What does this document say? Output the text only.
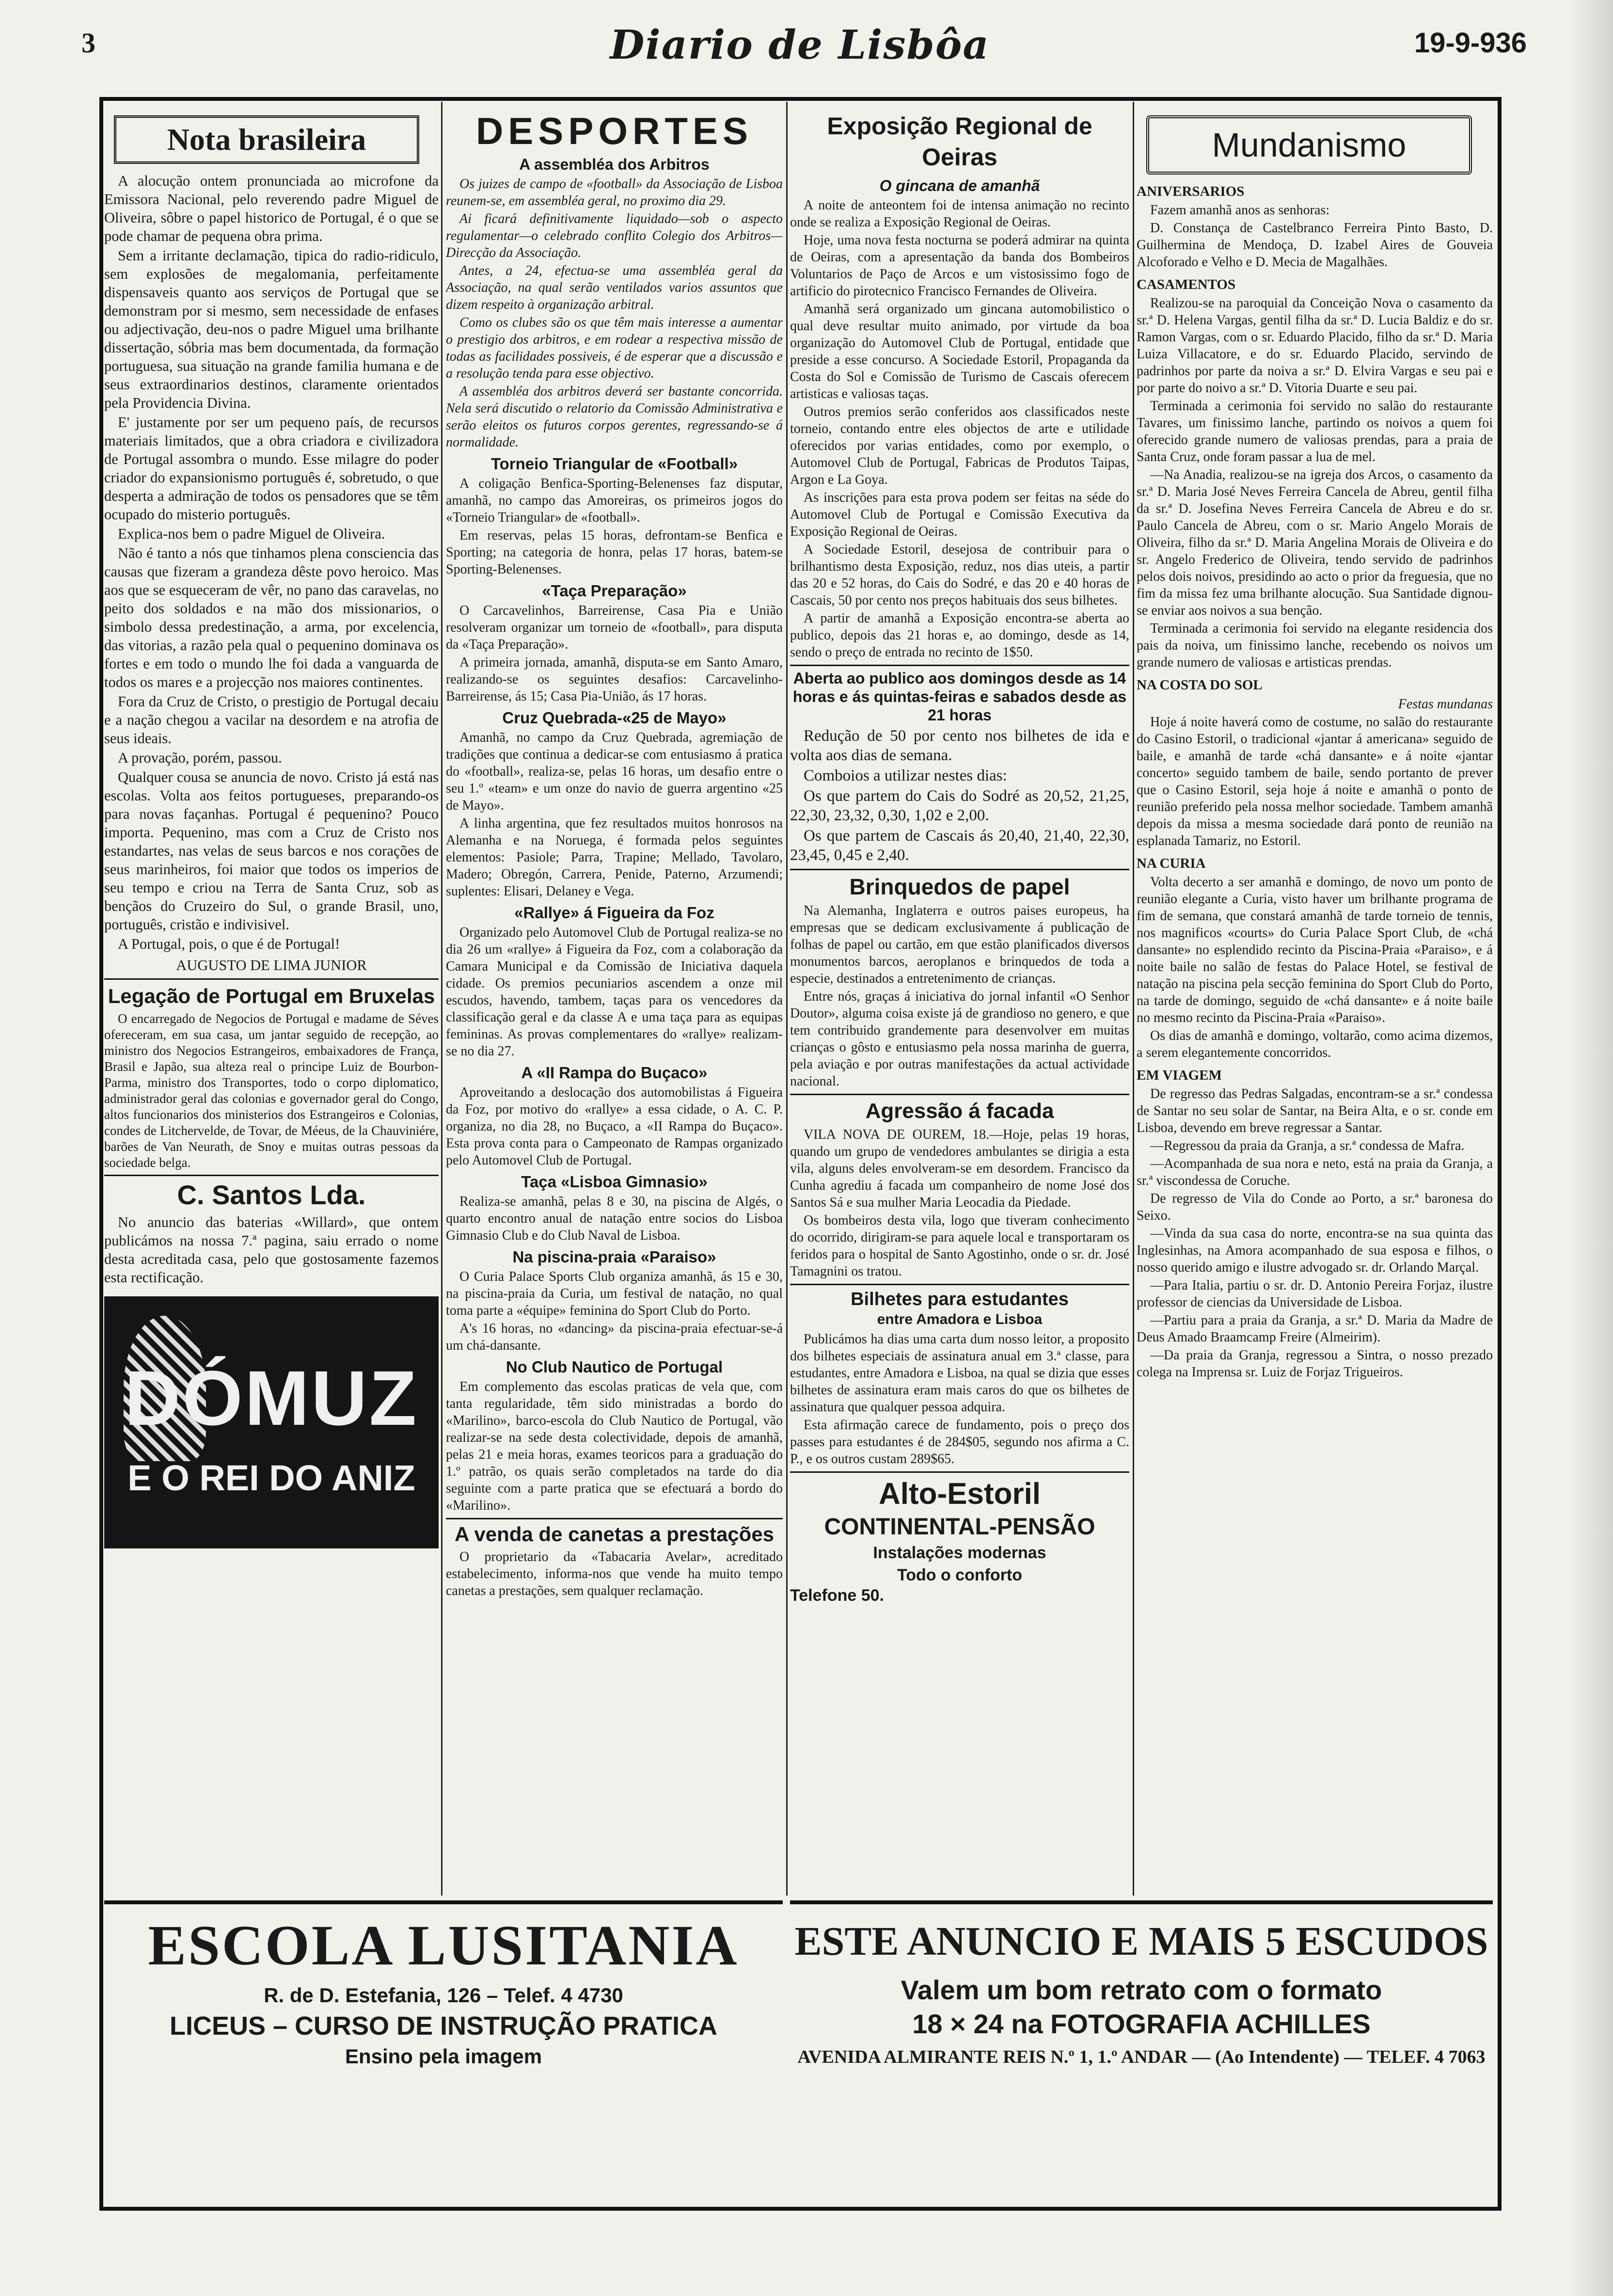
3	Diario de Lisbôa	19-9-936
Nota brasileira

A alocução ontem pronunciada ao microfone da Emissora Nacional, pelo reverendo padre Miguel de Oliveira, sôbre o papel historico de Portugal, é o que se pode chamar de pequena obra prima.

Sem a irritante declamação, tipica do radio-ridiculo, sem explosões de megalomania, perfeitamente dispensaveis quanto aos serviços de Portugal que se demonstram por si mesmo, sem necessidade de enfases ou adjectivação, deu-nos o padre Miguel uma brilhante dissertação, sóbria mas bem documentada, da formação portuguesa, sua situação na grande familia humana e de seus extraordinarios destinos, claramente orientados pela Providencia Divina.

E' justamente por ser um pequeno país, de recursos materiais limitados, que a obra criadora e civilizadora de Portugal assombra o mundo. Esse milagre do poder criador do expansionismo português é, sobretudo, o que desperta a admiração de todos os pensadores que se têm ocupado do misterio português.

Explica-nos bem o padre Miguel de Oliveira.

Não é tanto a nós que tinhamos plena consciencia das causas que fizeram a grandeza dêste povo heroico. Mas aos que se esqueceram de vêr, no pano das caravelas, no peito dos soldados e na mão dos missionarios, o simbolo dessa predestinação, a arma, por excelencia, das vitorias, a razão pela qual o pequenino dominava os fortes e em todo o mundo lhe foi dada a vanguarda de todos os mares e a projecção nos maiores continentes.

Fora da Cruz de Cristo, o prestigio de Portugal decaiu e a nação chegou a vacilar na desordem e na atrofia de seus ideais.

A provação, porém, passou.

Qualquer cousa se anuncia de novo. Cristo já está nas escolas. Volta aos feitos portugueses, preparando-os para novas façanhas. Portugal é pequenino? Pouco importa. Pequenino, mas com a Cruz de Cristo nos estandartes, nas velas de seus barcos e nos corações de seus marinheiros, foi maior que todos os imperios de seu tempo e criou na Terra de Santa Cruz, sob as bençãos do Cruzeiro do Sul, o grande Brasil, uno, português, cristão e indivisivel.

A Portugal, pois, o que é de Portugal!

AUGUSTO DE LIMA JUNIOR
Legação de Portugal em Bruxelas

O encarregado de Negocios de Portugal e madame de Séves ofereceram, em sua casa, um jantar seguido de recepção, ao ministro dos Negocios Estrangeiros, embaixadores de França, Brasil e Japão, sua alteza real o principe Luiz de Bourbon-Parma, ministro dos Transportes, todo o corpo diplomatico, administrador geral das colonias e governador geral do Congo, altos funcionarios dos ministerios dos Estrangeiros e Colonias, condes de Litchervelde, de Tovar, de Méeus, de la Chauviniére, barões de Van Neurath, de Snoy e muitas outras pessoas da sociedade belga.

C. Santos Lda.

No anuncio das baterias «Willard», que ontem publicámos na nossa 7.ª pagina, saiu errado o nome desta acreditada casa, pelo que gostosamente fazemos esta rectificação.

DÓMUZ
E O REI DO ANIZ
DESPORTES
A assembléa dos Arbitros

Os juizes de campo de «football» da Associação de Lisboa reunem-se, em assembléa geral, no proximo dia 29.

Ai ficará definitivamente liquidado—sob o aspecto regulamentar—o celebrado conflito Colegio dos Arbitros—Direcção da Associação.

Antes, a 24, efectua-se uma assembléa geral da Associação, na qual serão ventilados varios assuntos que dizem respeito à organização arbitral.

Como os clubes são os que têm mais interesse a aumentar o prestigio dos arbitros, e em rodear a respectiva missão de todas as facilidades possiveis, é de esperar que a discussão e a resolução tenda para esse objectivo.

A assembléa dos arbitros deverá ser bastante concorrida. Nela será discutido o relatorio da Comissão Administrativa e serão eleitos os futuros corpos gerentes, regressando-se á normalidade.

Torneio Triangular de «Football»

A coligação Benfica-Sporting-Belenenses faz disputar, amanhã, no campo das Amoreiras, os primeiros jogos do «Torneio Triangular» de «football».

Em reservas, pelas 15 horas, defrontam-se Benfica e Sporting; na categoria de honra, pelas 17 horas, batem-se Sporting-Belenenses.

«Taça Preparação»

O Carcavelinhos, Barreirense, Casa Pia e União resolveram organizar um torneio de «football», para disputa da «Taça Preparação».

A primeira jornada, amanhã, disputa-se em Santo Amaro, realizando-se os seguintes desafios: Carcavelinho-Barreirense, ás 15; Casa Pia-União, ás 17 horas.

Cruz Quebrada-«25 de Mayo»

Amanhã, no campo da Cruz Quebrada, agremiação de tradições que continua a dedicar-se com entusiasmo á pratica do «football», realiza-se, pelas 16 horas, um desafio entre o seu 1.º «team» e um onze do navio de guerra argentino «25 de Mayo».

A linha argentina, que fez resultados muitos honrosos na Alemanha e na Noruega, é formada pelos seguintes elementos: Pasiole; Parra, Trapine; Mellado, Tavolaro, Madero; Obregón, Carrera, Penide, Paterno, Arzumendi; suplentes: Elisari, Delaney e Vega.

«Rallye» á Figueira da Foz

Organizado pelo Automovel Club de Portugal realiza-se no dia 26 um «rallye» á Figueira da Foz, com a colaboração da Camara Municipal e da Comissão de Iniciativa daquela cidade. Os premios pecuniarios ascendem a onze mil escudos, havendo, tambem, taças para os vencedores da classificação geral e da classe A e uma taça para as equipas femininas. As provas complementares do «rallye» realizam-se no dia 27.

A «II Rampa do Buçaco»

Aproveitando a deslocação dos automobilistas á Figueira da Foz, por motivo do «rallye» a essa cidade, o A. C. P. organiza, no dia 28, no Buçaco, a «II Rampa do Buçaco». Esta prova conta para o Campeonato de Rampas organizado pelo Automovel Club de Portugal.

Taça «Lisboa Gimnasio»

Realiza-se amanhã, pelas 8 e 30, na piscina de Algés, o quarto encontro anual de natação entre socios do Lisboa Gimnasio Club e do Club Naval de Lisboa.

Na piscina-praia «Paraiso»

O Curia Palace Sports Club organiza amanhã, ás 15 e 30, na piscina-praia da Curia, um festival de natação, no qual toma parte a «équipe» feminina do Sport Club do Porto.

A's 16 horas, no «dancing» da piscina-praia efectuar-se-á um chá-dansante.

No Club Nautico de Portugal

Em complemento das escolas praticas de vela que, com tanta regularidade, têm sido ministradas a bordo do «Marilino», barco-escola do Club Nautico de Portugal, vão realizar-se na sede desta colectividade, depois de amanhã, pelas 21 e meia horas, exames teoricos para a graduação do 1.º patrão, os quais serão completados na tarde do dia seguinte com a parte pratica que se efectuará a bordo do «Marilino».

A venda de canetas a prestações

O proprietario da «Tabacaria Avelar», acreditado estabelecimento, informa-nos que vende ha muito tempo canetas a prestações, sem qualquer reclamação.

Exposição Regional de Oeiras
O gincana de amanhã

A noite de anteontem foi de intensa animação no recinto onde se realiza a Exposição Regional de Oeiras.

Hoje, uma nova festa nocturna se poderá admirar na quinta de Oeiras, com a apresentação da banda dos Bombeiros Voluntarios de Paço de Arcos e um vistosissimo fogo de artificio do pirotecnico Francisco Fernandes de Oliveira.

Amanhã será organizado um gincana automobilistico o qual deve resultar muito animado, por virtude da boa organização do Automovel Club de Portugal, entidade que preside a esse concurso. A Sociedade Estoril, Propaganda da Costa do Sol e Comissão de Turismo de Cascais oferecem artisticas e valiosas taças.

Outros premios serão conferidos aos classificados neste torneio, contando entre eles objectos de arte e utilidade oferecidos por varias entidades, como por exemplo, o Automovel Club de Portugal, Fabricas de Produtos Taipas, Argon e La Goya.

As inscrições para esta prova podem ser feitas na séde do Automovel Club de Portugal e Comissão Executiva da Exposição Regional de Oeiras.

A Sociedade Estoril, desejosa de contribuir para o brilhantismo desta Exposição, reduz, nos dias uteis, a partir das 20 e 52 horas, do Cais do Sodré, e das 20 e 40 horas de Cascais, 50 por cento nos preços habituais dos seus bilhetes.

A partir de amanhã a Exposição encontra-se aberta ao publico, depois das 21 horas e, ao domingo, desde as 14, sendo o preço de entrada no recinto de 1$50.

Aberta ao publico aos domingos desde as 14 horas e ás quintas-feiras e sabados desde as 21 horas

Redução de 50 por cento nos bilhetes de ida e volta aos dias de semana.

Comboios a utilizar nestes dias:

Os que partem do Cais do Sodré as 20,52, 21,25, 22,30, 23,32, 0,30, 1,02 e 2,00.

Os que partem de Cascais ás 20,40, 21,40, 22,30, 23,45, 0,45 e 2,40.

Brinquedos de papel

Na Alemanha, Inglaterra e outros paises europeus, ha empresas que se dedicam exclusivamente á publicação de folhas de papel ou cartão, em que estão planificados diversos monumentos barcos, aeroplanos e brinquedos de toda a especie, destinados a entretenimento de crianças.

Entre nós, graças á iniciativa do jornal infantil «O Senhor Doutor», alguma coisa existe já de grandioso no genero, e que tem contribuido grandemente para desenvolver em muitas crianças o gôsto e entusiasmo pela nossa marinha de guerra, pela aviação e por outras manifestações da actual actividade nacional.

Agressão á facada

VILA NOVA DE OUREM, 18.—Hoje, pelas 19 horas, quando um grupo de vendedores ambulantes se dirigia a esta vila, alguns deles envolveram-se em desordem. Francisco da Cunha agrediu á facada um companheiro de nome José dos Santos Sá e sua mulher Maria Leocadia da Piedade.

Os bombeiros desta vila, logo que tiveram conhecimento do ocorrido, dirigiram-se para aquele local e transportaram os feridos para o hospital de Santo Agostinho, onde o sr. dr. José Tamagnini os tratou.

Bilhetes para estudantes
entre Amadora e Lisboa

Publicámos ha dias uma carta dum nosso leitor, a proposito dos bilhetes especiais de assinatura anual em 3.ª classe, para estudantes, entre Amadora e Lisboa, na qual se dizia que esses bilhetes de assinatura eram mais caros do que os bilhetes de assinatura que qualquer pessoa adquira.

Esta afirmação carece de fundamento, pois o preço dos passes para estudantes é de 284$05, segundo nos afirma a C. P., e os outros custam 289$65.

Alto-Estoril
CONTINENTAL-PENSÃO
Instalações modernas
Todo o conforto
Telefone 50.
Mundanismo
ANIVERSARIOS

Fazem amanhã anos as senhoras:

D. Constança de Castelbranco Ferreira Pinto Basto, D. Guilhermina de Mendoça, D. Izabel Aires de Gouveia Alcoforado e Velho e D. Mecia de Magalhães.

CASAMENTOS

Realizou-se na paroquial da Conceição Nova o casamento da sr.ª D. Helena Vargas, gentil filha da sr.ª D. Lucia Baldiz e do sr. Ramon Vargas, com o sr. Eduardo Placido, filho da sr.ª D. Maria Luiza Villacatore, e do sr. Eduardo Placido, servindo de padrinhos por parte da noiva a sr.ª D. Elvira Vargas e seu pai e por parte do noivo a sr.ª D. Vitoria Duarte e seu pai.

Terminada a cerimonia foi servido no salão do restaurante Tavares, um finissimo lanche, partindo os noivos a quem foi oferecido grande numero de valiosas prendas, para a praia de Santa Cruz, onde foram passar a lua de mel.

—Na Anadia, realizou-se na igreja dos Arcos, o casamento da sr.ª D. Maria José Neves Ferreira Cancela de Abreu, gentil filha da sr.ª D. Josefina Neves Ferreira Cancela de Abreu e do sr. Paulo Cancela de Abreu, com o sr. Mario Angelo Morais de Oliveira, filho da sr.ª D. Maria Angelina Morais de Oliveira e do sr. Angelo Frederico de Oliveira, tendo servido de padrinhos pelos dois noivos, presidindo ao acto o prior da freguesia, que no fim da missa fez uma brilhante alocução. Sua Santidade dignou-se enviar aos noivos a sua benção.

Terminada a cerimonia foi servido na elegante residencia dos pais da noiva, um finissimo lanche, recebendo os noivos um grande numero de valiosas e artisticas prendas.

NA COSTA DO SOL
Festas mundanas

Hoje á noite haverá como de costume, no salão do restaurante do Casino Estoril, o tradicional «jantar á americana» seguido de baile, e amanhã de tarde «chá dansante» e á noite «jantar concerto» seguido tambem de baile, sendo portanto de prever que o Casino Estoril, seja hoje á noite e amanhã o ponto de reunião preferido pela nossa melhor sociedade. Tambem amanhã depois da missa a mesma sociedade dará ponto de reunião na esplanada Tamariz, no Estoril.

NA CURIA

Volta decerto a ser amanhã e domingo, de novo um ponto de reunião elegante a Curia, visto haver um brilhante programa de fim de semana, que constará amanhã de tarde torneio de tennis, nos magnificos «courts» do Curia Palace Sport Club, de «chá dansante» no esplendido recinto da Piscina-Praia «Paraiso», e á noite baile no salão de festas do Palace Hotel, se festival de natação na piscina pela secção feminina do Sport Club do Porto, na tarde de domingo, seguido de «chá dansante» e á noite baile no mesmo recinto da Piscina-Praia «Paraiso».

Os dias de amanhã e domingo, voltarão, como acima dizemos, a serem elegantemente concorridos.

EM VIAGEM

De regresso das Pedras Salgadas, encontram-se a sr.ª condessa de Santar no seu solar de Santar, na Beira Alta, e o sr. conde em Lisboa, devendo em breve regressar a Santar.

—Regressou da praia da Granja, a sr.ª condessa de Mafra.

—Acompanhada de sua nora e neto, está na praia da Granja, a sr.ª viscondessa de Coruche.

De regresso de Vila do Conde ao Porto, a sr.ª baronesa do Seixo.

—Vinda da sua casa do norte, encontra-se na sua quinta das Inglesinhas, na Amora acompanhado de sua esposa e filhos, o nosso querido amigo e ilustre advogado sr. dr. Orlando Marçal.

—Para Italia, partiu o sr. dr. D. Antonio Pereira Forjaz, ilustre professor de ciencias da Universidade de Lisboa.

—Partiu para a praia da Granja, a sr.ª D. Maria da Madre de Deus Amado Braamcamp Freire (Almeirim).

—Da praia da Granja, regressou a Sintra, o nosso prezado colega na Imprensa sr. Luiz de Forjaz Trigueiros.

ESCOLA LUSITANIA
R. de D. Estefania, 126 – Telef. 4 4730
LICEUS – CURSO DE INSTRUÇÃO PRATICA
Ensino pela imagem
ESTE ANUNCIO E MAIS 5 ESCUDOS
Valem um bom retrato com o formato
18 × 24 na FOTOGRAFIA ACHILLES
AVENIDA ALMIRANTE REIS N.º 1, 1.º ANDAR — (Ao Intendente) — TELEF. 4 7063
